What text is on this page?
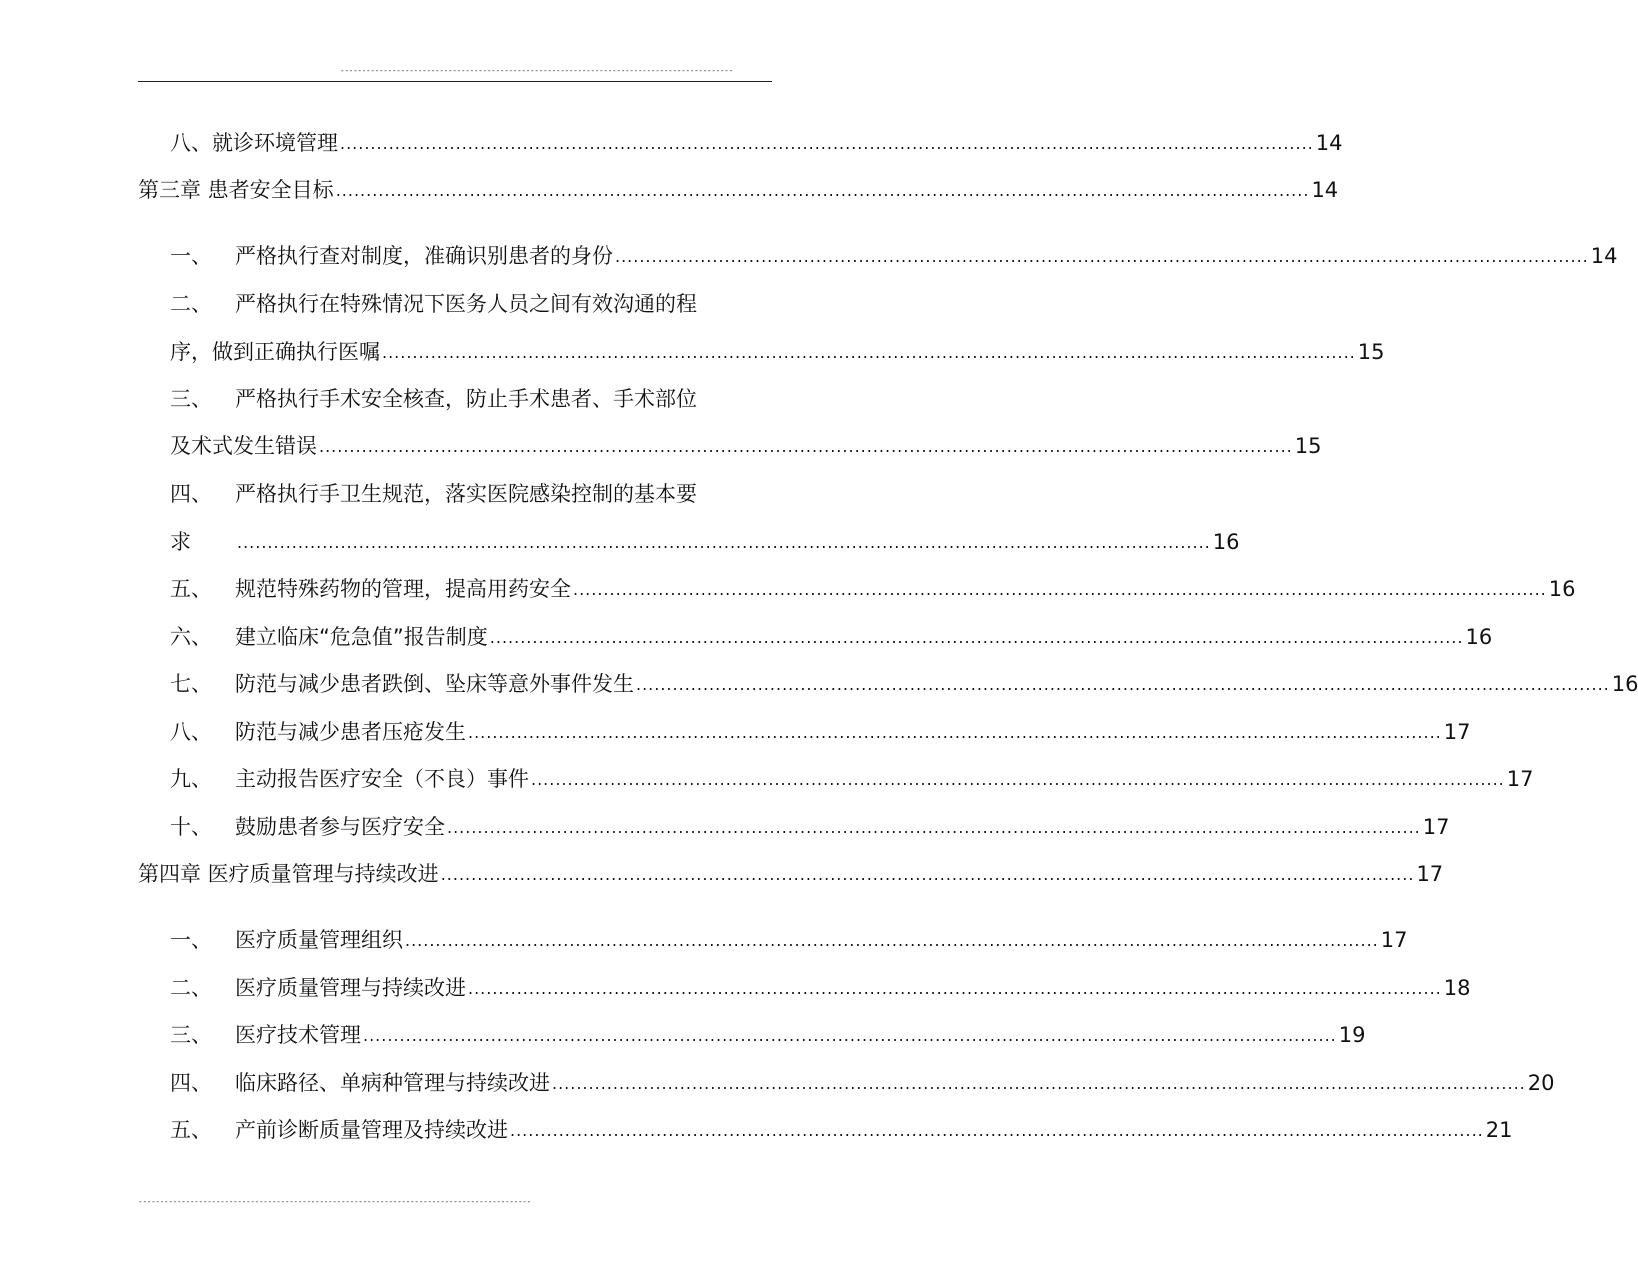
-------------------------------------------------------------------------------------------
八、就诊环境管理 ................................................................................................................................................................ 14
第三章 患者安全目标 ................................................................................................................................................................ 14
一、	严格执行查对制度，准确识别患者的身份 ................................................................................................................................................................ 14
二、	严格执行在特殊情况下医务人员之间有效沟通的程
序，做到正确执行医嘱 ................................................................................................................................................................ 15
三、	严格执行手术安全核查，防止手术患者、手术部位
及术式发生错误 ................................................................................................................................................................ 15
四、	严格执行手卫生规范，落实医院感染控制的基本要
求	................................................................................................................................................................ 16
五、	规范特殊药物的管理，提高用药安全 ................................................................................................................................................................ 16
六、	建立临床“危急值”报告制度 ................................................................................................................................................................ 16
七、	防范与减少患者跌倒、坠床等意外事件发生 ................................................................................................................................................................ 16
八、	防范与减少患者压疮发生 ................................................................................................................................................................ 17
九、	主动报告医疗安全（不良）事件 ................................................................................................................................................................ 17
十、	鼓励患者参与医疗安全 ................................................................................................................................................................ 17
第四章 医疗质量管理与持续改进 ................................................................................................................................................................ 17
一、	医疗质量管理组织 ................................................................................................................................................................ 17
二、	医疗质量管理与持续改进 ................................................................................................................................................................ 18
三、	医疗技术管理 ................................................................................................................................................................ 19
四、	临床路径、单病种管理与持续改进 ................................................................................................................................................................ 20
五、	产前诊断质量管理及持续改进 ................................................................................................................................................................ 21
-------------------------------------------------------------------------------------------
